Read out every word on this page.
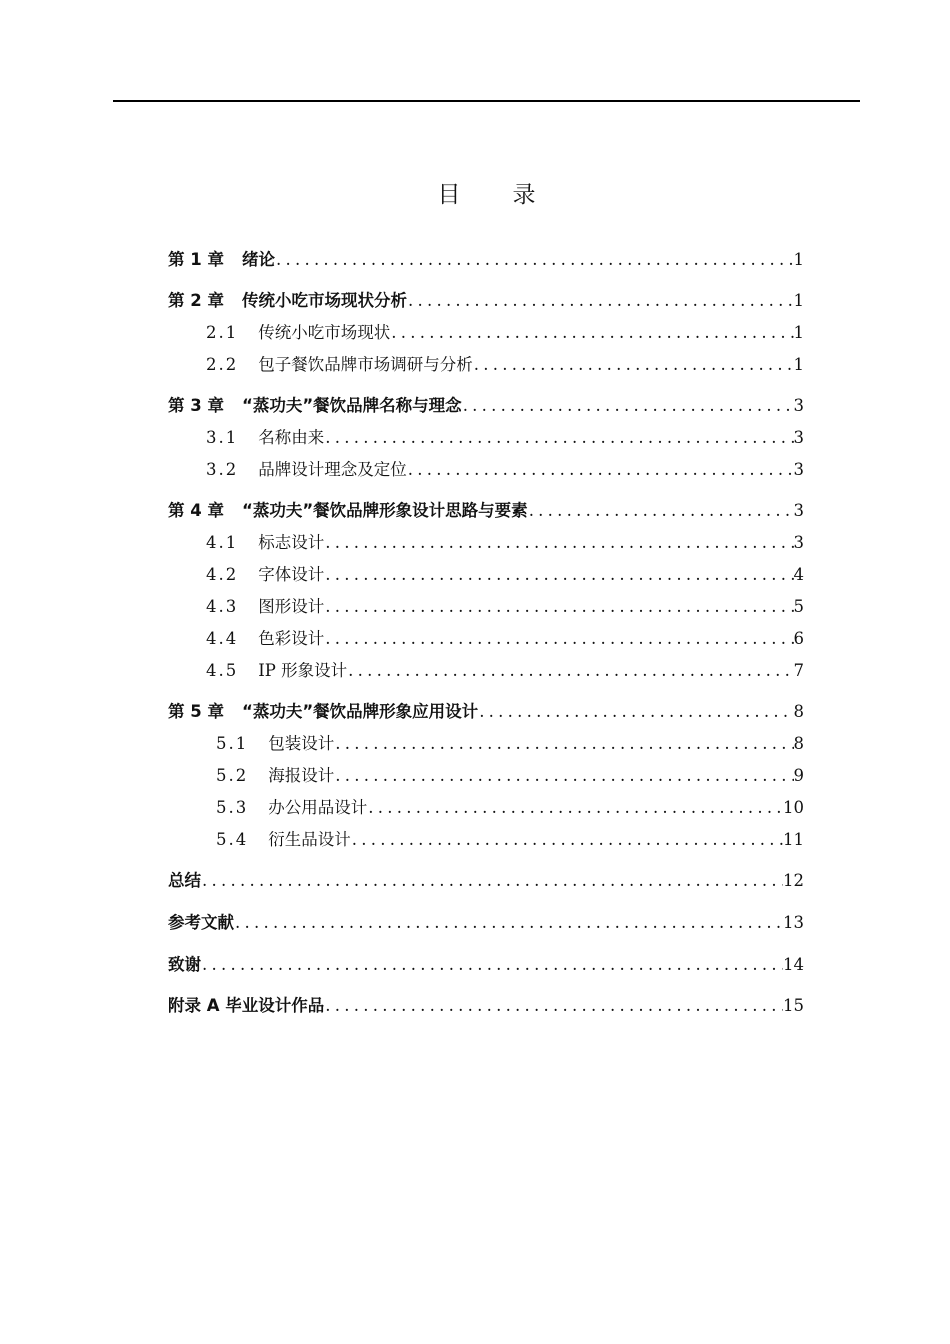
目 录
第 1 章 绪论 . . .	1
第 2 章 传统小吃市场现状分析 . . .	1
2.1 传统小吃市场现状 . . .	1
2.2 包子餐饮品牌市场调研与分析 . . .	1
第 3 章 “蒸功夫”餐饮品牌名称与理念 . . .	3
3.1 名称由来 . . .	3
3.2 品牌设计理念及定位 . . .	3
第 4 章 “蒸功夫”餐饮品牌形象设计思路与要素 . . .	3
4.1 标志设计 . . .	3
4.2 字体设计 . . .	4
4.3 图形设计 . . .	5
4.4 色彩设计 . . .	6
4.5 IP 形象设计 . . .	7
第 5 章 “蒸功夫”餐饮品牌形象应用设计 . . .	8
5.1 包装设计 . . .	8
5.2 海报设计 . . .	9
5.3 办公用品设计 . . .	10
5.4 衍生品设计 . . .	11
总结 . . .	12
参考文献 . . .	13
致谢 . . .	14
附录 A 毕业设计作品 . . .	15
